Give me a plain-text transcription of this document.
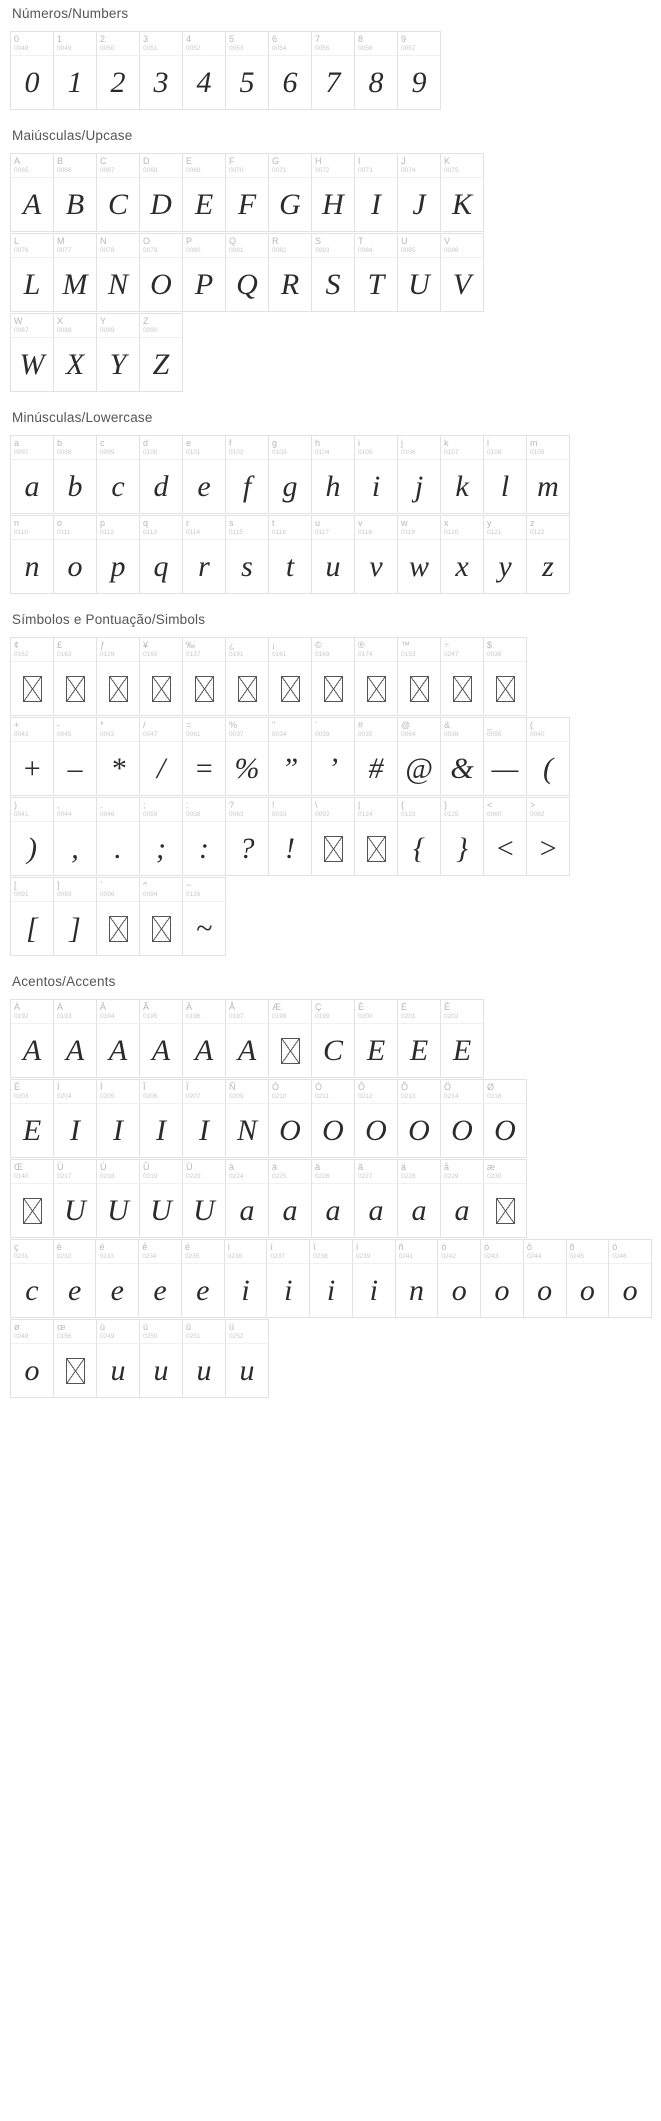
Números/Numbers
0
0048
0
1
0049
1
2
0050
2
3
0051
3
4
0052
4
5
0053
5
6
0054
6
7
0055
7
8
0056
8
9
0057
9
Maiúsculas/Upcase
A
0065
A
B
0066
B
C
0067
C
D
0068
D
E
0069
E
F
0070
F
G
0071
G
H
0072
H
I
0073
I
J
0074
J
K
0075
K
L
0076
L
M
0077
M
N
0078
N
O
0079
O
P
0080
P
Q
0081
Q
R
0082
R
S
0083
S
T
0084
T
U
0085
U
V
0086
V
W
0087
W
X
0088
X
Y
0089
Y
Z
0090
Z
Minúsculas/Lowercase
a
0097
a
b
0098
b
c
0099
c
d
0100
d
e
0101
e
f
0102
f
g
0103
g
h
0104
h
i
0105
i
j
0106
j
k
0107
k
l
0108
l
m
0109
m
n
0110
n
o
0111
o
p
0112
p
q
0113
q
r
0114
r
s
0115
s
t
0116
t
u
0117
u
v
0118
v
w
0119
w
x
0120
x
y
0121
y
z
0122
z
Símbolos e Pontuação/Simbols
¢
0162
£
0163
ƒ
0128
¥
0165
‰
0137
¿
0191
¡
0161
©
0169
®
0174
™
0153
÷
0247
$
0036
+
0043
+
-
0045
–
*
0042
*
/
0047
/
=
0061
=
%
0037
%
"
0034
”
'
0039
’
#
0035
#
@
0064
@
&
0038
&
_
0095
—
(
0040
(
)
0041
)
,
0044
,
.
0046
.
;
0059
;
:
0058
:
?
0063
?
!
0033
!
\
0092
|
0124
{
0123
{
}
0125
}
<
0060
<
>
0062
>
[
0091
[
]
0093
]
`
0096
^
0094
~
0126
~
Acentos/Accents
À
0192
A
Á
0193
A
Â
0194
A
Ã
0195
A
Ä
0196
A
Å
0197
A
Æ
0198
Ç
0199
C
È
0200
E
É
0201
E
Ê
0202
E
Ë
0203
E
Ì
0204
I
Í
0205
I
Î
0206
I
Ï
0207
I
Ñ
0209
N
Ò
0210
O
Ó
0211
O
Ô
0212
O
Õ
0213
O
Ö
0214
O
Ø
0216
O
Œ
0140
Ù
0217
U
Ú
0218
U
Û
0219
U
Ü
0220
U
à
0224
a
á
0225
a
â
0226
a
ã
0227
a
ä
0228
a
å
0229
a
æ
0230
ç
0231
c
è
0232
e
é
0233
e
ê
0234
e
ë
0235
e
ì
0236
i
í
0237
i
î
0238
i
ï
0239
i
ñ
0241
n
ò
0242
o
ó
0243
o
ô
0244
o
õ
0245
o
ö
0246
o
ø
0248
o
œ
0156
ù
0249
u
ú
0250
u
û
0251
u
ü
0252
u
